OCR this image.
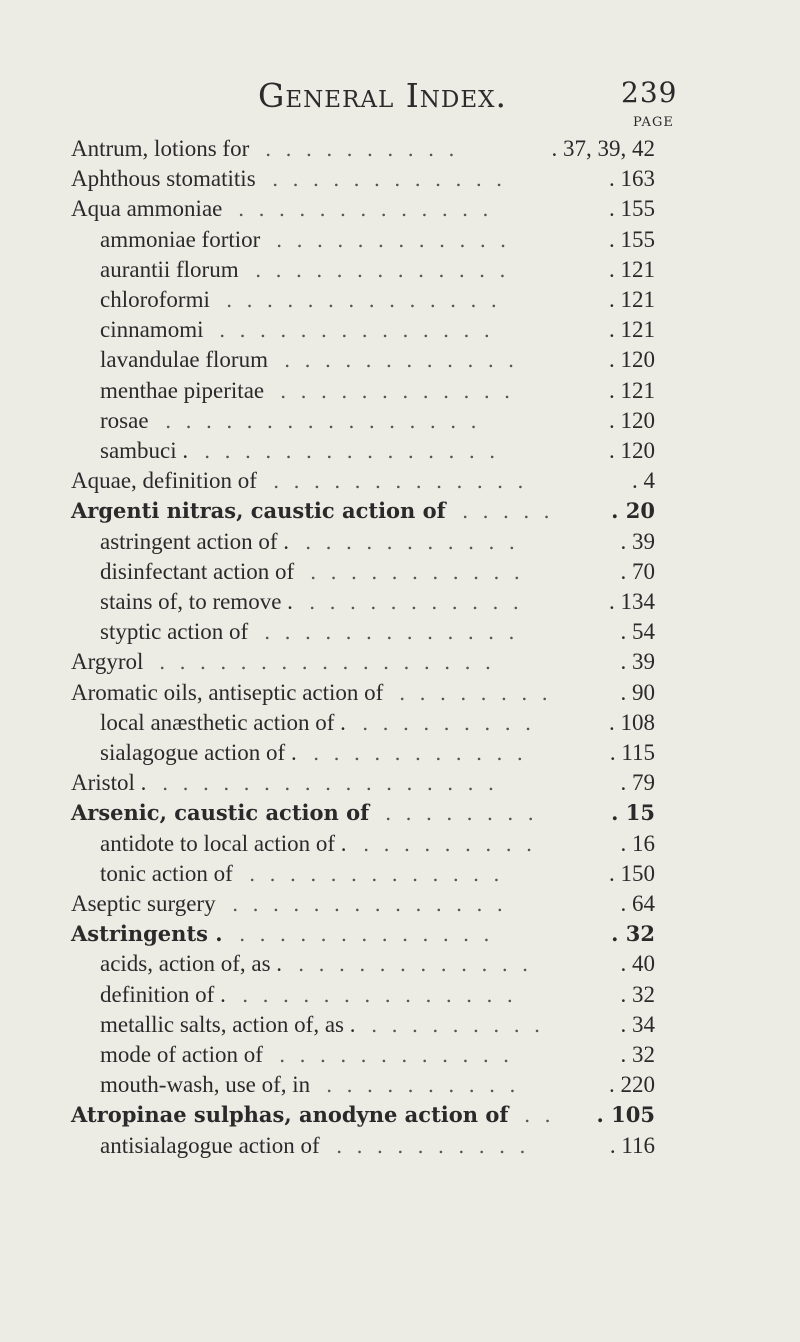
General Index.	239
PAGE
Antrum, lotions for ..........	. 37, 39, 42
Aphthous stomatitis ............	. 163
Aqua ammoniae .............	. 155
ammoniae fortior ............	. 155
aurantii florum .............	. 121
chloroformi ..............	. 121
cinnamomi ..............	. 121
lavandulae florum ............	. 120
menthae piperitae ............	. 121
rosae ................	. 120
sambuci . ...............	. 120
Aquae, definition of .............	. 4
Argenti nitras, caustic action of .....	. 20
astringent action of . ...........	. 39
disinfectant action of ...........	. 70
stains of, to remove . ...........	. 134
styptic action of .............	. 54
Argyrol .................	. 39
Aromatic oils, antiseptic action of ........	. 90
local anæsthetic action of . .........	. 108
sialagogue action of . ...........	. 115
Aristol . .................	. 79
Arsenic, caustic action of ........	. 15
antidote to local action of . .........	. 16
tonic action of .............	. 150
Aseptic surgery ..............	. 64
Astringents . .............	. 32
acids, action of, as . ............	. 40
definition of . ..............	. 32
metallic salts, action of, as . .........	. 34
mode of action of ............	. 32
mouth-wash, use of, in ..........	. 220
Atropinae sulphas, anodyne action of ..	. 105
antisialagogue action of ..........	. 116
